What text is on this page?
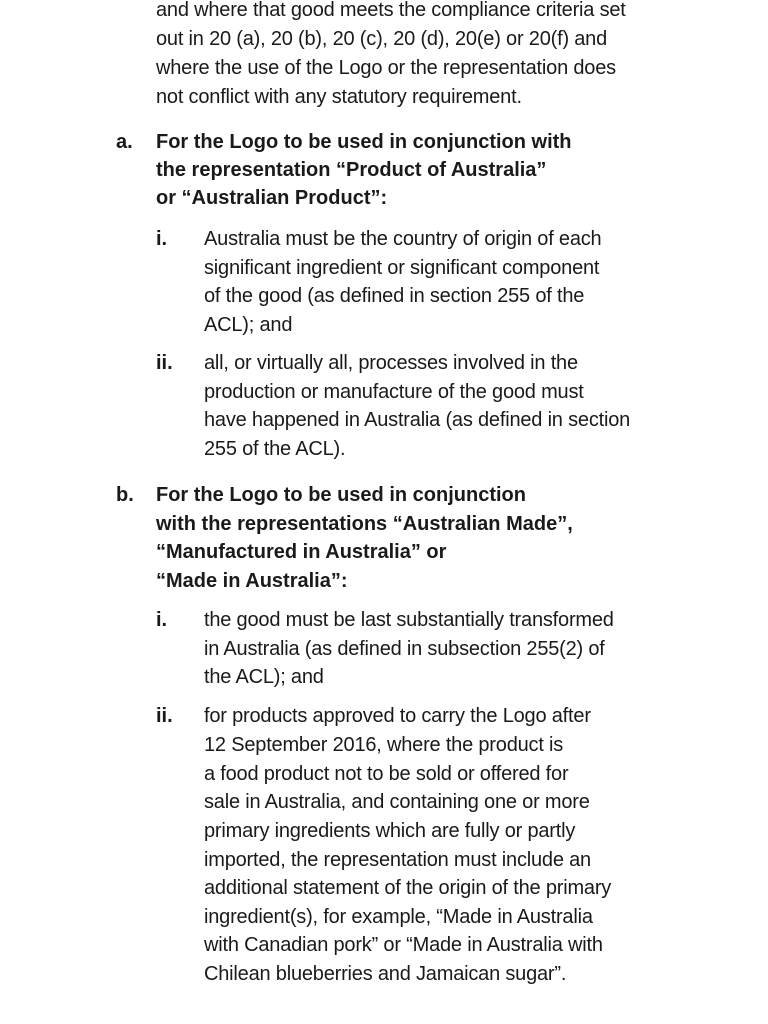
and where that good meets the compliance criteria set
out in 20 (a), 20 (b), 20 (c), 20 (d), 20(e) or 20(f) and
where the use of the Logo or the representation does
not conflict with any statutory requirement.
a. For the Logo to be used in conjunction with
the representation “Product of Australia”
or “Australian Product”:
i. Australia must be the country of origin of each
significant ingredient or significant component
of the good (as defined in section 255 of the
ACL); and
ii. all, or virtually all, processes involved in the
production or manufacture of the good must
have happened in Australia (as defined in section
255 of the ACL).
b. For the Logo to be used in conjunction
with the representations “Australian Made”,
“Manufactured in Australia” or
“Made in Australia”:
i. the good must be last substantially transformed
in Australia (as defined in subsection 255(2) of
the ACL); and
ii. for products approved to carry the Logo after
12 September 2016, where the product is
a food product not to be sold or offered for
sale in Australia, and containing one or more
primary ingredients which are fully or partly
imported, the representation must include an
additional statement of the origin of the primary
ingredient(s), for example, “Made in Australia
with Canadian pork” or “Made in Australia with
Chilean blueberries and Jamaican sugar”.
